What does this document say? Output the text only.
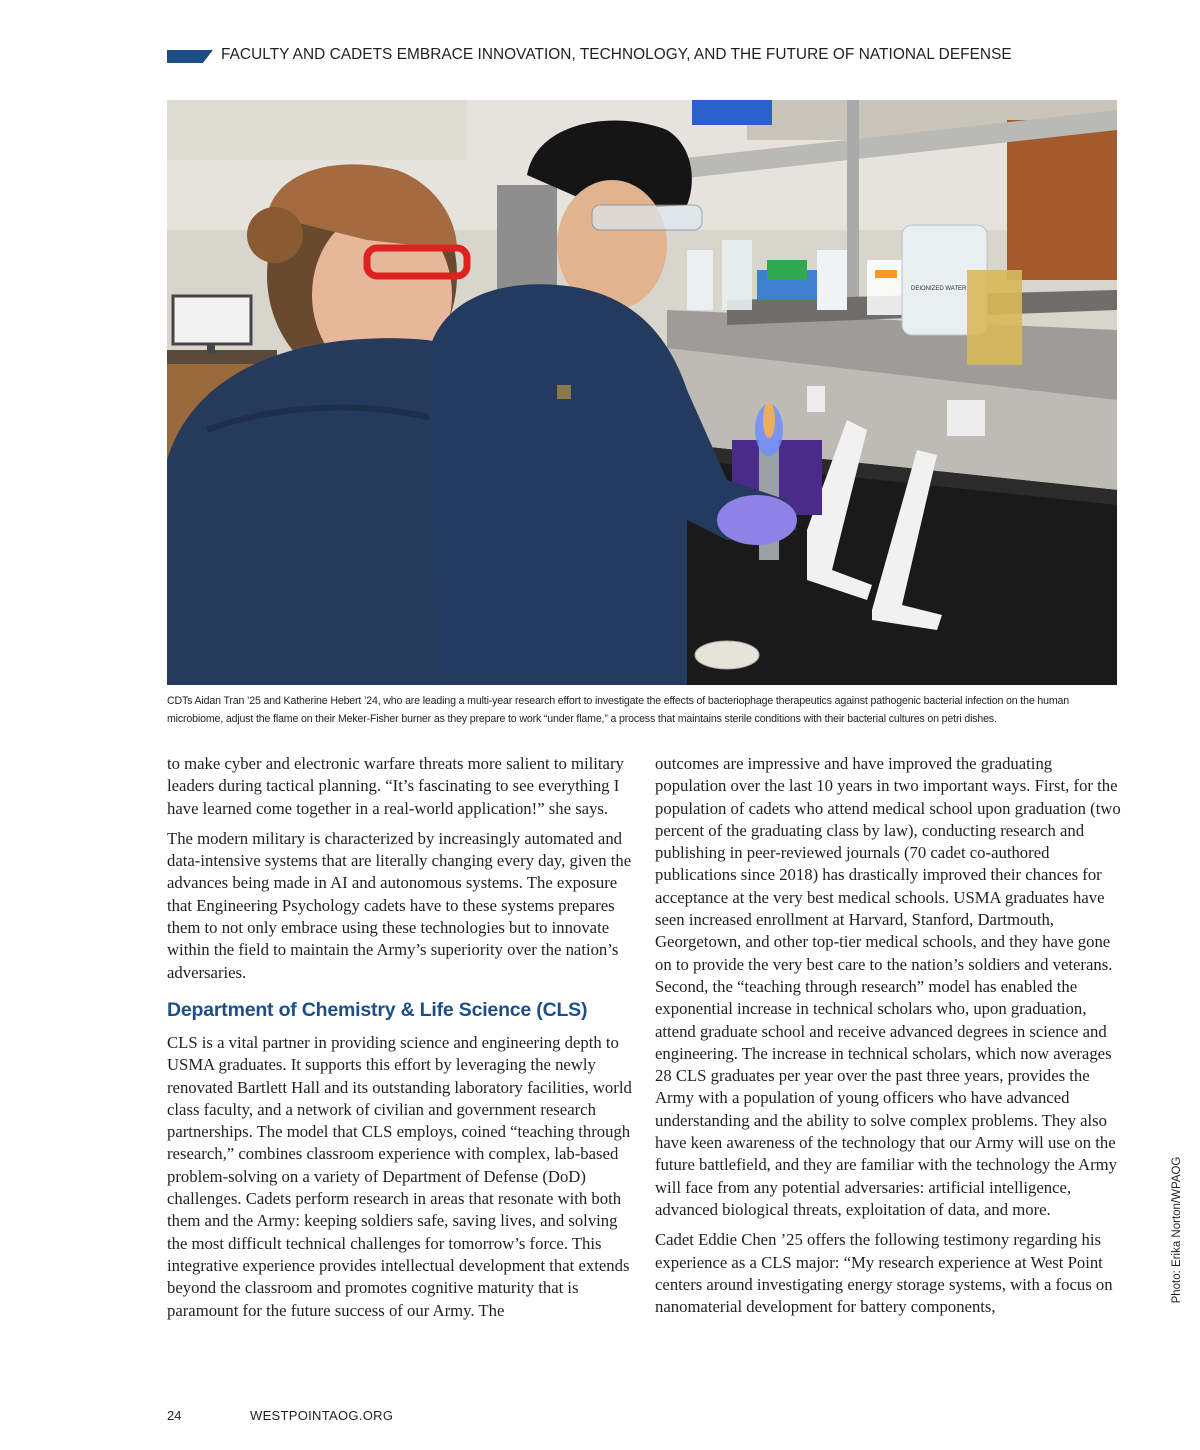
FACULTY AND CADETS EMBRACE INNOVATION, TECHNOLOGY, AND THE FUTURE OF NATIONAL DEFENSE
DEIONIZED WATER
CDTs Aidan Tran ’25 and Katherine Hebert ’24, who are leading a multi-year research effort to investigate the effects of bacteriophage therapeutics against pathogenic bacterial infection on the human microbiome, adjust the flame on their Meker-Fisher burner as they prepare to work “under flame,” a process that maintains sterile conditions with their bacterial cultures on petri dishes.

to make cyber and electronic warfare threats more salient to military leaders during tactical planning. “It’s fascinating to see everything I have learned come together in a real-world application!” she says.

The modern military is characterized by increasingly automated and data-intensive systems that are literally changing every day, given the advances being made in AI and autonomous systems. The exposure that Engineering Psychology cadets have to these systems prepares them to not only embrace using these technologies but to innovate within the field to maintain the Army’s superiority over the nation’s adversaries.

Department of Chemistry & Life Science (CLS)

CLS is a vital partner in providing science and engineering depth to USMA graduates. It supports this effort by leveraging the newly renovated Bartlett Hall and its outstanding laboratory facilities, world class faculty, and a network of civilian and government research partnerships. The model that CLS employs, coined “teaching through research,” combines classroom experience with complex, lab-based problem-solving on a variety of Department of Defense (DoD) challenges. Cadets perform research in areas that resonate with both them and the Army: keeping soldiers safe, saving lives, and solving the most difficult technical challenges for tomorrow’s force. This integrative experience provides intellectual development that extends beyond the classroom and promotes cognitive maturity that is paramount for the future success of our Army. The

outcomes are impressive and have improved the graduating population over the last 10 years in two important ways. First, for the population of cadets who attend medical school upon graduation (two percent of the graduating class by law), conducting research and publishing in peer-reviewed journals (70 cadet co-authored publications since 2018) has drastically improved their chances for acceptance at the very best medical schools. USMA graduates have seen increased enrollment at Harvard, Stanford, Dartmouth, Georgetown, and other top-tier medical schools, and they have gone on to provide the very best care to the nation’s soldiers and veterans. Second, the “teaching through research” model has enabled the exponential increase in technical scholars who, upon graduation, attend graduate school and receive advanced degrees in science and engineering. The increase in technical scholars, which now averages 28 CLS graduates per year over the past three years, provides the Army with a population of young officers who have advanced understanding and the ability to solve complex problems. They also have keen awareness of the technology that our Army will use on the future battlefield, and they are familiar with the technology the Army will face from any potential adversaries: artificial intelligence, advanced biological threats, exploitation of data, and more.

Cadet Eddie Chen ’25 offers the following testimony regarding his experience as a CLS major: “My research experience at West Point centers around investigating energy storage systems, with a focus on nanomaterial development for battery components,

Photo: Erika Norton/WPAOG
24	WESTPOINTAOG.ORG
